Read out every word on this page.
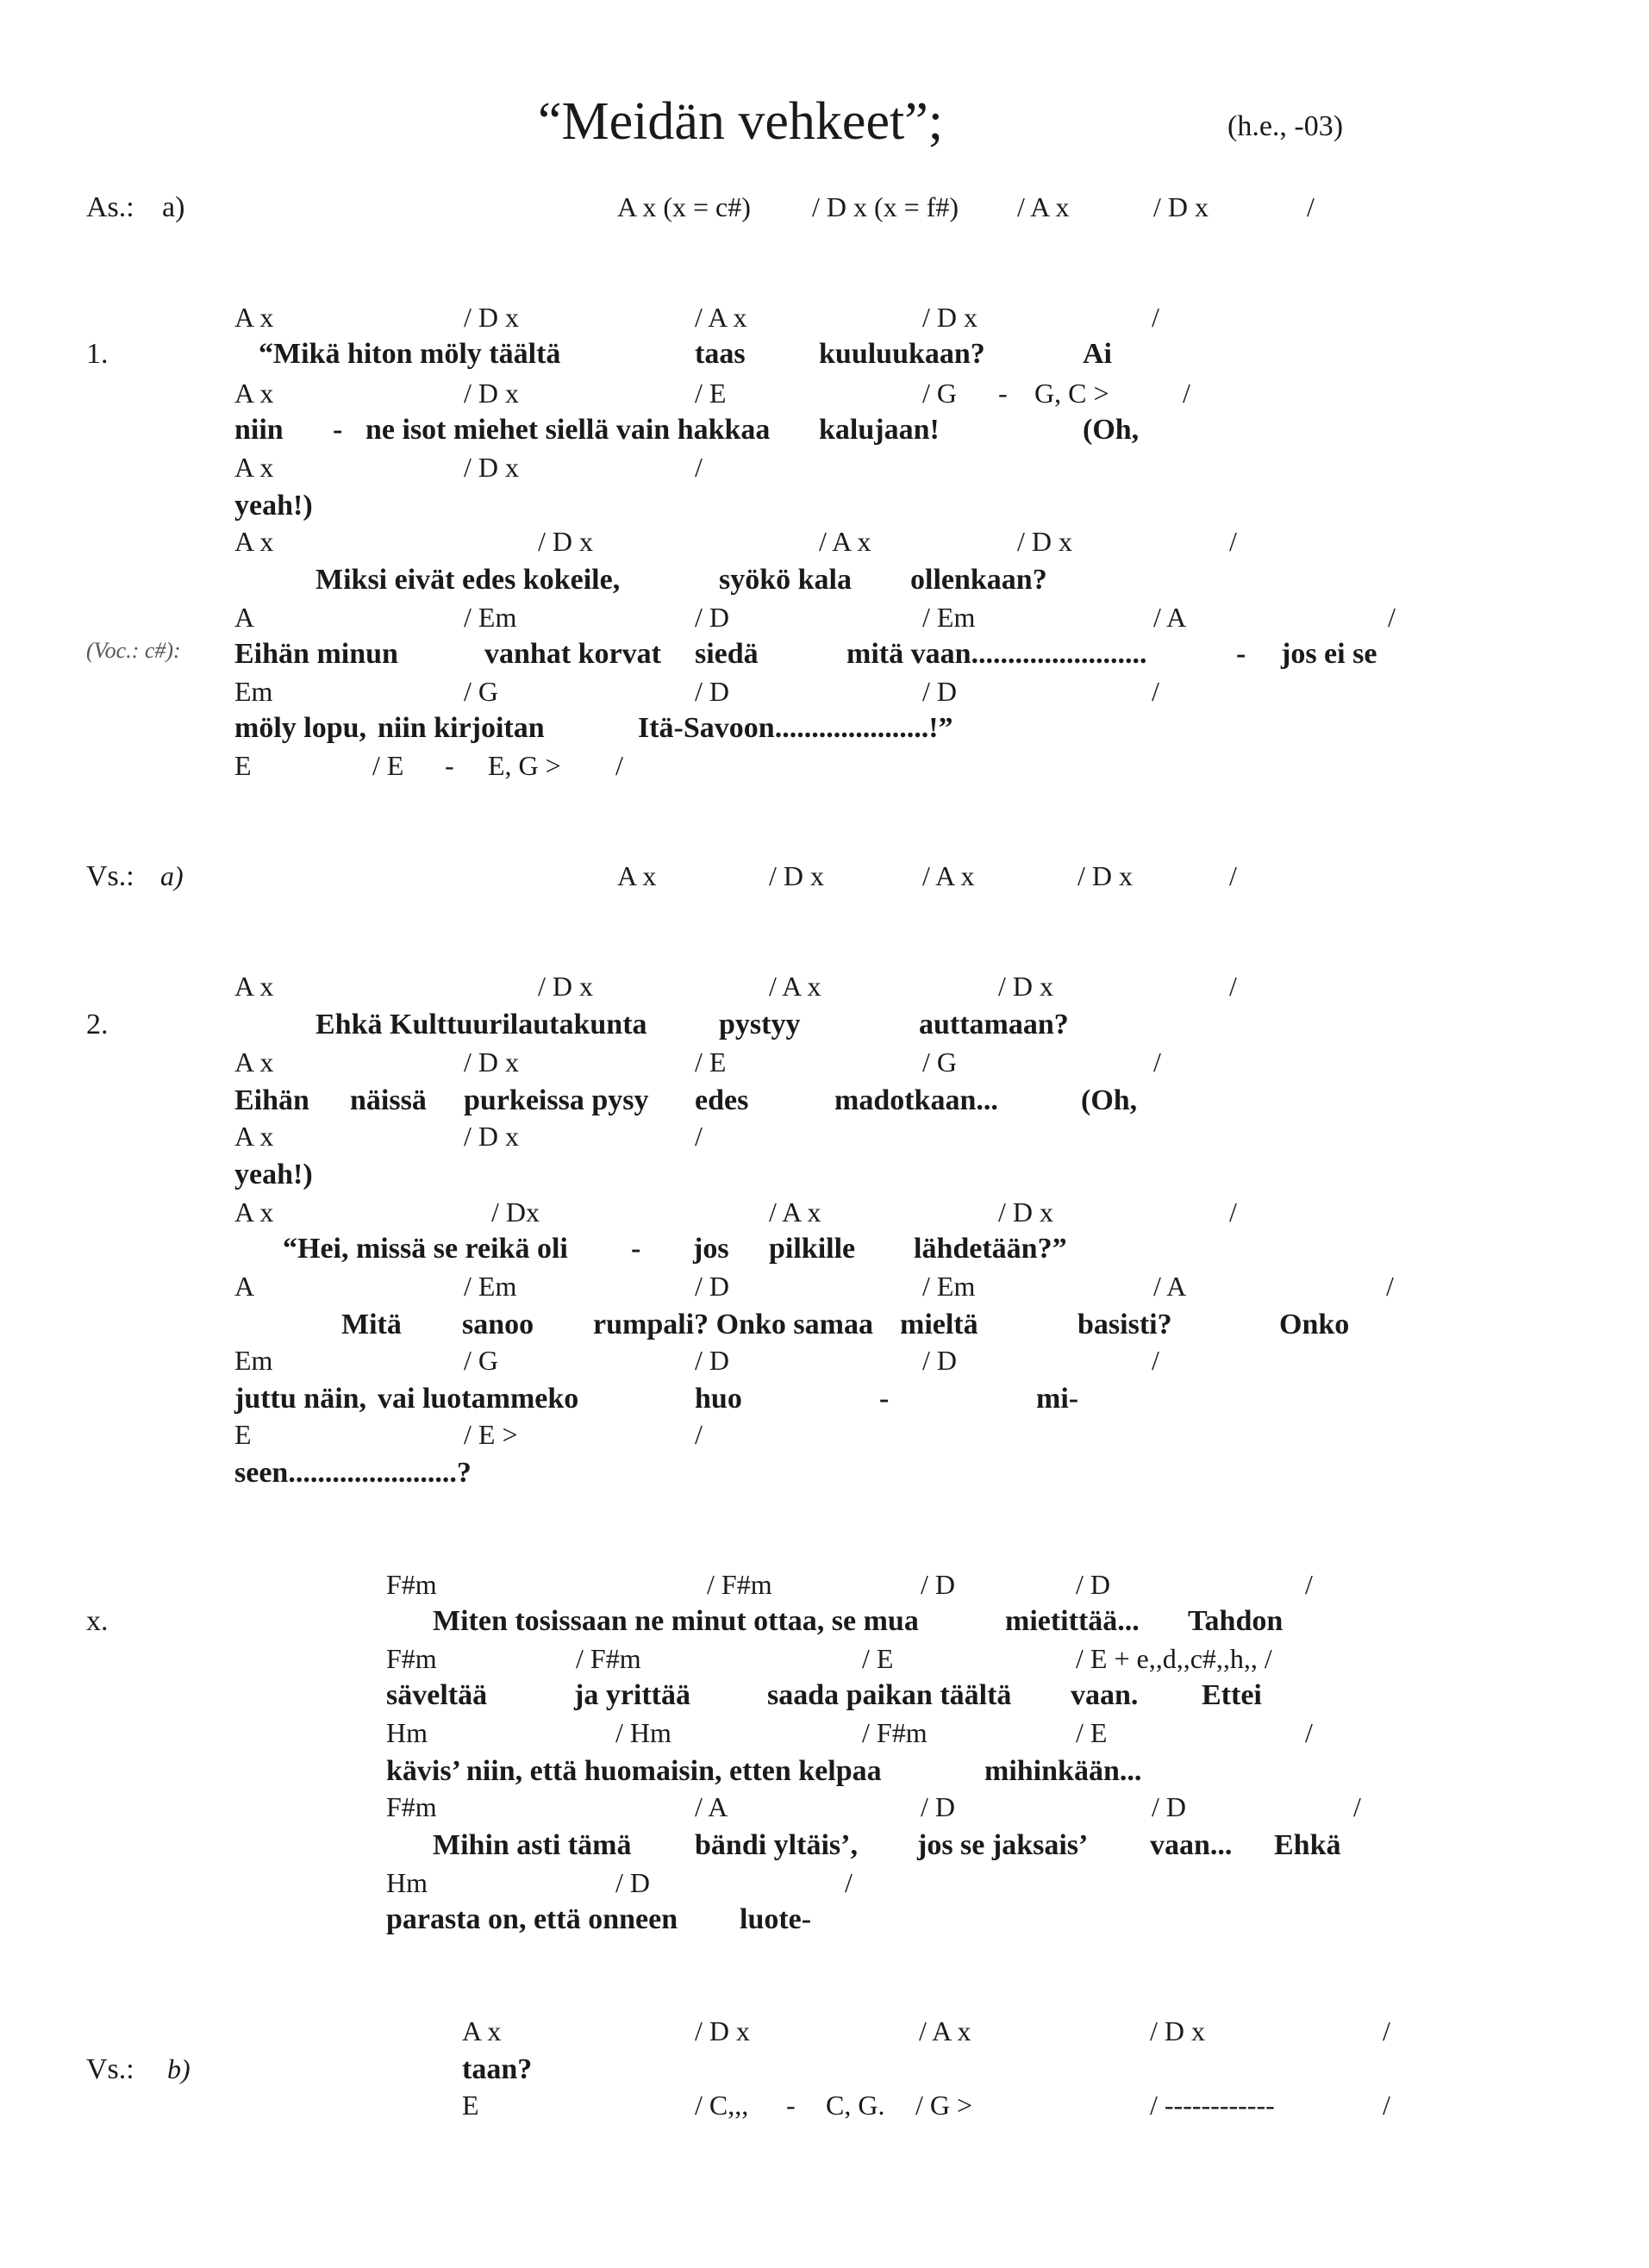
“Meidän vehkeet”;	(h.e., -03)
As.: a)
1.
(Voc.: c#):
Vs.: a)
2.
x.
Vs.: b)
A x (x = c#) / D x (x = f#) / A x	/ D x	/
A x	/ D x	/ A x	/ D x	/
A x	/ D x	/ A x	/ D x	/
“Mikä hiton möly täältä	taas	kuuluukaan?	Ai
A x	/ D x	/ E	/ G - G, C >	/
niin - ne isot miehet siellä vain hakkaa kalujaan!	(Oh,
A x	/ D x	/
yeah!)
A x	/ D x	/ A x	/ D x	/
Miksi eivät edes kokeile,	syökö kala ollenkaan?
A	/ Em	/ D	/ Em	/ A	/
Eihän minun	vanhat korvat siedä	mitä vaan........................	- jos ei se
Em	/ G	/ D	/ D	/
möly lopu, niin kirjoitan	Itä-Savoon.....................!”
E	/ E - E, G > /
A x	/ D x	/ A x	/ D x	/
Ehkä Kulttuurilautakunta pystyy	auttamaan?
A x	/ D x	/ E	/ G	/
Eihän näissä purkeissa pysy edes	madotkaan...	(Oh,
A x	/ D x	/
yeah!)
A x	/ Dx	/ A x	/ D x	/
“Hei, missä se reikä oli - jos pilkille lähdetään?”
A	/ Em	/ D	/ Em	/ A	/
Mitä sanoo rumpali? Onko samaa mieltä	basisti?	Onko
Em	/ G	/ D	/ D	/
juttu näin, vai luotammeko	huo	-	mi-
E	/ E >	/
seen.......................?
F#m	/ F#m	/ D	/ D	/
Miten tosissaan ne minut ottaa, se mua	mietittää... Tahdon
F#m	/ F#m	/ E	/ E + e,,d,,c#,,h,, /
säveltää	ja yrittää	saada paikan täältä vaan. Ettei
Hm	/ Hm	/ F#m	/ E	/
kävis’ niin, että huomaisin, etten kelpaa	mihinkään...
F#m	/ A	/ D	/ D	/
Mihin asti tämä bändi yltäis’, jos se jaksais’ vaan... Ehkä
Hm	/ D	/
parasta on, että onneen luote-
A x	/ D x	/ A x	/ D x	/
taan?
E	/ C,,, - C, G. / G >	/ ------------	/
